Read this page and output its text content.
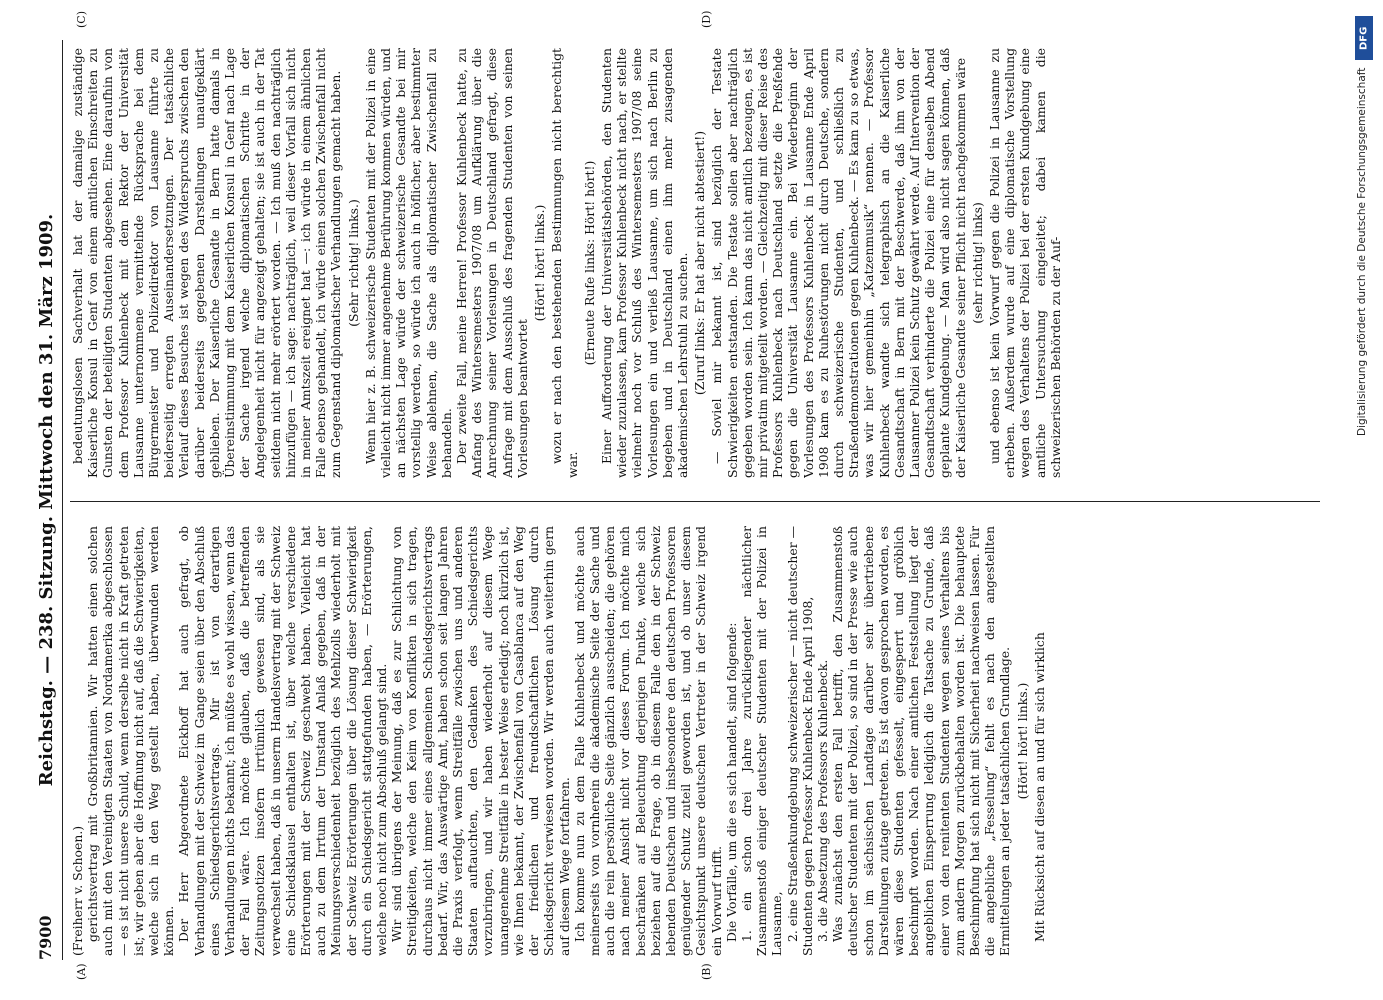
7900
Reichstag. — 238. Sitzung. Mittwoch den 31. März 1909.
(A)	(B)
(C)	(D)

(Freiherr v. Schoen.) gerichtsvertrag mit Großbritannien. Wir hatten einen solchen auch mit den Vereinigten Staaten von Nordamerika abgeschlossen — es ist nicht unsere Schuld, wenn derselbe nicht in Kraft getreten ist; wir geben aber die Hoffnung nicht auf, daß die Schwierigkeiten, welche sich in den Weg gestellt haben, überwunden werden können. Der Herr Abgeordnete Eickhoff hat auch gefragt, ob Verhandlungen mit der Schweiz im Gange seien über den Abschluß eines Schiedsgerichtsvertrags. Mir ist von derartigen Verhandlungen nichts bekannt; ich müßte es wohl wissen, wenn das der Fall wäre. Ich möchte glauben, daß die betreffenden Zeitungsnotizen insofern irrtümlich gewesen sind, als sie verwechselt haben, daß in unserm Handelsvertrag mit der Schweiz eine Schiedsklausel enthalten ist, über welche verschiedene Erörterungen mit der Schweiz geschwebt haben. Vielleicht hat auch zu dem Irrtum der Umstand Anlaß gegeben, daß in der Meinungsverschiedenheit bezüglich des Mehlzolls wiederholt mit der Schweiz Erörterungen über die Lösung dieser Schwierigkeit durch ein Schiedsgericht stattgefunden haben, — Erörterungen, welche noch nicht zum Abschluß gelangt sind. Wir sind übrigens der Meinung, daß es zur Schlichtung von Streitigkeiten, welche den Keim von Konflikten in sich tragen, durchaus nicht immer eines allgemeinen Schiedsgerichtsvertrags bedarf. Wir, das Auswärtige Amt, haben schon seit langen Jahren die Praxis verfolgt, wenn Streitfälle zwischen uns und anderen Staaten auftauchten, den Gedanken des Schiedsgerichts vorzubringen, und wir haben wiederholt auf diesem Wege unangenehme Streitfälle in bester Weise erledigt; noch kürzlich ist, wie Ihnen bekannt, der Zwischenfall von Casablanca auf den Weg der friedlichen und freundschaftlichen Lösung durch Schiedsgericht verwiesen worden. Wir werden auch weiterhin gern auf diesem Wege fortfahren. Ich komme nun zu dem Falle Kuhlenbeck und möchte auch meinerseits von vornherein die akademische Seite der Sache und auch die rein persönliche Seite gänzlich ausscheiden; die gehören nach meiner Ansicht nicht vor dieses Forum. Ich möchte mich beschränken auf Beleuchtung derjenigen Punkte, welche sich beziehen auf die Frage, ob in diesem Falle den in der Schweiz lebenden Deutschen und insbesondere den deutschen Professoren genügender Schutz zuteil geworden ist, und ob unser diesem Gesichtspunkt unsere deutschen Vertreter in der Schweiz irgend ein Vorwurf trifft. Die Vorfälle, um die es sich handelt, sind folgende: 1. ein schon drei Jahre zurückliegender nächtlicher Zusammenstoß einiger deutscher Studenten mit der Polizei in Lausanne, 2. eine Straßenkundgebung schweizerischer — nicht deutscher — Studenten gegen Professor Kuhlenbeck Ende April 1908, 3. die Absetzung des Professors Kuhlenbeck. Was zunächst den ersten Fall betrifft, den Zusammenstoß deutscher Studenten mit der Polizei, so sind in der Presse wie auch schon im sächsischen Landtage darüber sehr übertriebene Darstellungen zutage getreten. Es ist davon gesprochen worden, es wären diese Studenten gefesselt, eingesperrt und gröblich beschimpft worden. Nach einer amtlichen Feststellung liegt der angeblichen Einsperrung lediglich die Tatsache zu Grunde, daß einer von den renitenten Studenten wegen seines Verhaltens bis zum andern Morgen zurückbehalten worden ist. Die behauptete Beschimpfung hat sich nicht mit Sicherheit nachweisen lassen. Für die angebliche „Fesselung“ fehlt es nach den angestellten Ermittelungen an jeder tatsächlichen Grundlage. (Hört! hört! links.) Mit Rücksicht auf diesen an und für sich wirklich

bedeutungslosen Sachverhalt hat der damalige zuständige Kaiserliche Konsul in Genf von einem amtlichen Einschreiten zu Gunsten der beteiligten Studenten abgesehen. Eine daraufhin von dem Professor Kuhlenbeck mit dem Rektor der Universität Lausanne unternommene vermittelnde Rücksprache bei dem Bürgermeister und Polizeidirektor von Lausanne führte zu beiderseitig erregten Auseinandersetzungen. Der tatsächliche Verlauf dieses Besuches ist wegen des Widerspruchs zwischen den darüber beiderseits gegebenen Darstellungen unaufgeklärt geblieben. Der Kaiserliche Gesandte in Bern hatte damals in Übereinstimmung mit dem Kaiserlichen Konsul in Genf nach Lage der Sache irgend welche diplomatischen Schritte in der Angelegenheit nicht für angezeigt gehalten; sie ist auch in der Tat seitdem nicht mehr erörtert worden. — Ich muß den nachträglich hinzufügen — ich sage: nachträglich, weil dieser Vorfall sich nicht in meiner Amtszeit ereignet hat —: ich würde in einem ähnlichen Falle ebenso gehandelt, ich würde einen solchen Zwischenfall nicht zum Gegenstand diplomatischer Verhandlungen gemacht haben. (Sehr richtig! links.) Wenn hier z. B. schweizerische Studenten mit der Polizei in eine vielleicht nicht immer angenehme Berührung kommen würden, und an nächsten Lage würde der schweizerische Gesandte bei mir vorstellig werden, so würde ich auch in höflicher, aber bestimmter Weise ablehnen, die Sache als diplomatischer Zwischenfall zu behandeln. Der zweite Fall, meine Herren! Professor Kuhlenbeck hatte, zu Anfang des Wintersemesters 1907/08 um Aufklärung über die Anrechnung seiner Vorlesungen in Deutschland gefragt, diese Anfrage mit dem Ausschluß des fragenden Studenten von seinen Vorlesungen beantwortet

(Hört! hört! links.) wozu er nach den bestehenden Bestimmungen nicht berechtigt war.

(Erneute Rufe links: Hört! hört!) Einer Aufforderung der Universitätsbehörden, den Studenten wieder zuzulassen, kam Professor Kuhlenbeck nicht nach, er stellte vielmehr noch vor Schluß des Wintersemesters 1907/08 seine Vorlesungen ein und verließ Lausanne, um sich nach Berlin zu begeben und in Deutschland einen ihm mehr zusagenden akademischen Lehrstuhl zu suchen. (Zuruf links: Er hat aber nicht abtestiert!) — Soviel mir bekannt ist, sind bezüglich der Testate Schwierigkeiten entstanden. Die Testate sollen aber nachträglich gegeben worden sein. Ich kann das nicht amtlich bezeugen, es ist mir privatim mitgeteilt worden. — Gleichzeitig mit dieser Reise des Professors Kuhlenbeck nach Deutschland setzte die Preßfehde gegen die Universität Lausanne ein. Bei Wiederbeginn der Vorlesungen des Professors Kuhlenbeck in Lausanne Ende April 1908 kam es zu Ruhestörungen nicht durch Deutsche, sondern durch schweizerische Studenten, und schließlich zu Straßendemonstrationen gegen Kuhlenbeck. — Es kam zu so etwas, was wir hier gemeinhin „Katzenmusik“ nennen. — Professor Kuhlenbeck wandte sich telegraphisch an die Kaiserliche Gesandtschaft in Bern mit der Beschwerde, daß ihm von der Lausanner Polizei kein Schutz gewährt werde. Auf Intervention der Gesandtschaft verhinderte die Polizei eine für denselben Abend geplante Kundgebung. — Man wird also nicht sagen können, daß der Kaiserliche Gesandte seiner Pflicht nicht nachgekommen wäre (sehr richtig! links) und ebenso ist kein Vorwurf gegen die Polizei in Lausanne zu erheben. Außerdem wurde auf eine diplomatische Vorstellung wegen des Verhaltens der Polizei bei der ersten Kundgebung eine amtliche Untersuchung eingeleitet; dabei kamen die schweizerischen Behörden zu der Auf-

DFG
Digitalisierung gefördert durch die Deutsche Forschungsgemeinschaft
